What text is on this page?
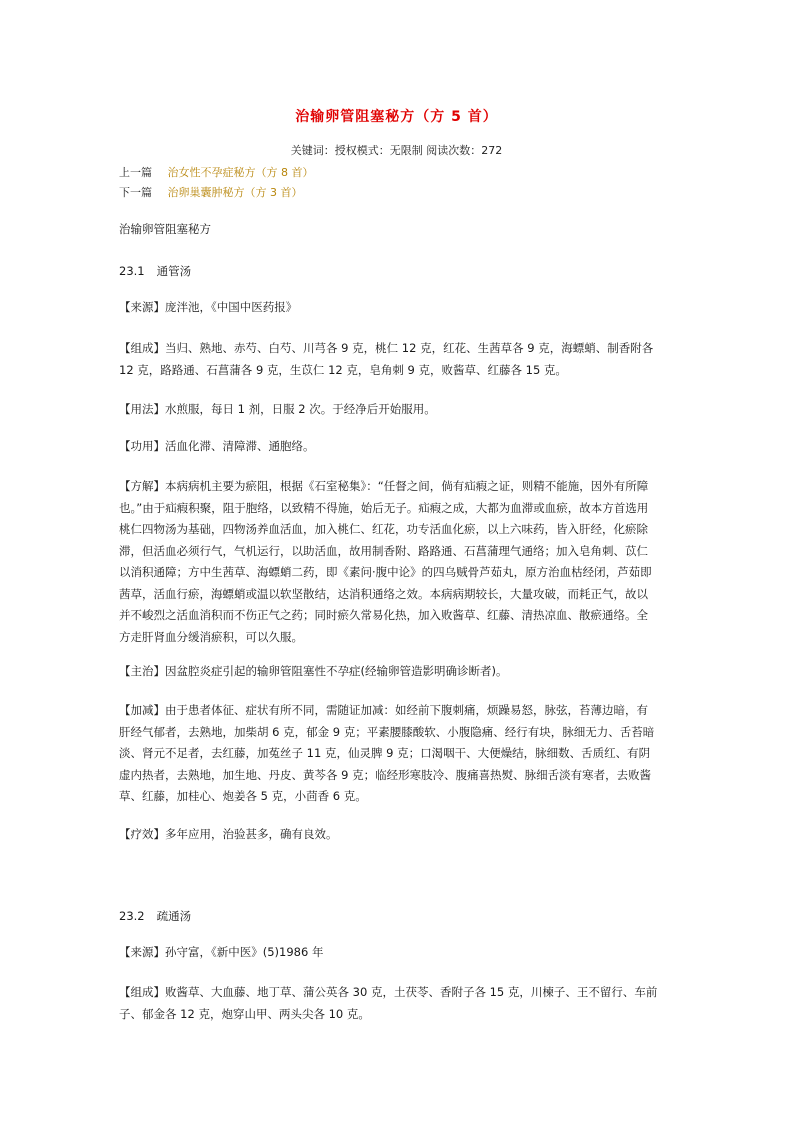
治输卵管阻塞秘方（方 5 首）
关键词：授权模式：无限制 阅读次数：272
上一篇 治女性不孕症秘方（方 8 首）
下一篇 治卵巢囊肿秘方（方 3 首）
治输卵管阻塞秘方
23.1 通管汤
【来源】庞泮池，《中国中医药报》
【组成】当归、熟地、赤芍、白芍、川芎各 9 克，桃仁 12 克，红花、生茜草各 9 克，海螵蛸、制香附各
12 克，路路通、石菖蒲各 9 克，生苡仁 12 克，皂角刺 9 克，败酱草、红藤各 15 克。
【用法】水煎服，每日 1 剂，日服 2 次。于经净后开始服用。
【功用】活血化滞、清障滞、通胞络。
【方解】本病病机主要为瘀阻，根据《石室秘集》：“任督之间，倘有疝瘕之证，则精不能施，因外有所障
也。”由于疝瘕积聚，阻于胞络，以致精不得施，始后无子。疝瘕之成，大都为血滞或血瘀，故本方首选用
桃仁四物汤为基础，四物汤养血活血，加入桃仁、红花，功专活血化瘀，以上六味药，皆入肝经，化瘀除
滞，但活血必须行气，气机运行，以助活血，故用制香附、路路通、石菖蒲理气通络；加入皂角刺、苡仁
以消积通障；方中生茜草、海螵蛸二药，即《素问·腹中论》的四乌贼骨芦茹丸，原方治血枯经闭，芦茹即
茜草，活血行瘀，海螵蛸或温以软坚散结，达消积通络之效。本病病期较长，大量攻破，而耗正气，故以
并不峻烈之活血消积而不伤正气之药；同时瘀久常易化热，加入败酱草、红藤、清热凉血、散瘀通络。全
方走肝肾血分缓消瘀积，可以久服。
【主治】因盆腔炎症引起的输卵管阻塞性不孕症(经输卵管造影明确诊断者)。
【加减】由于患者体征、症状有所不同，需随证加减：如经前下腹刺痛，烦躁易怒，脉弦，苔薄边暗，有
肝经气郁者，去熟地，加柴胡 6 克，郁金 9 克；平素腰膝酸软、小腹隐痛、经行有块，脉细无力、舌苔暗
淡、肾元不足者，去红藤，加菟丝子 11 克，仙灵脾 9 克；口渴咽干、大便燥结，脉细数、舌质红、有阴
虚内热者，去熟地，加生地、丹皮、黄芩各 9 克；临经形寒肢冷、腹痛喜热熨、脉细舌淡有寒者，去败酱
草、红藤，加桂心、炮姜各 5 克，小茴香 6 克。
【疗效】多年应用，治验甚多，确有良效。
23.2 疏通汤
【来源】孙守富，《新中医》(5)1986 年
【组成】败酱草、大血藤、地丁草、蒲公英各 30 克，土茯苓、香附子各 15 克，川楝子、王不留行、车前
子、郁金各 12 克，炮穿山甲、两头尖各 10 克。
